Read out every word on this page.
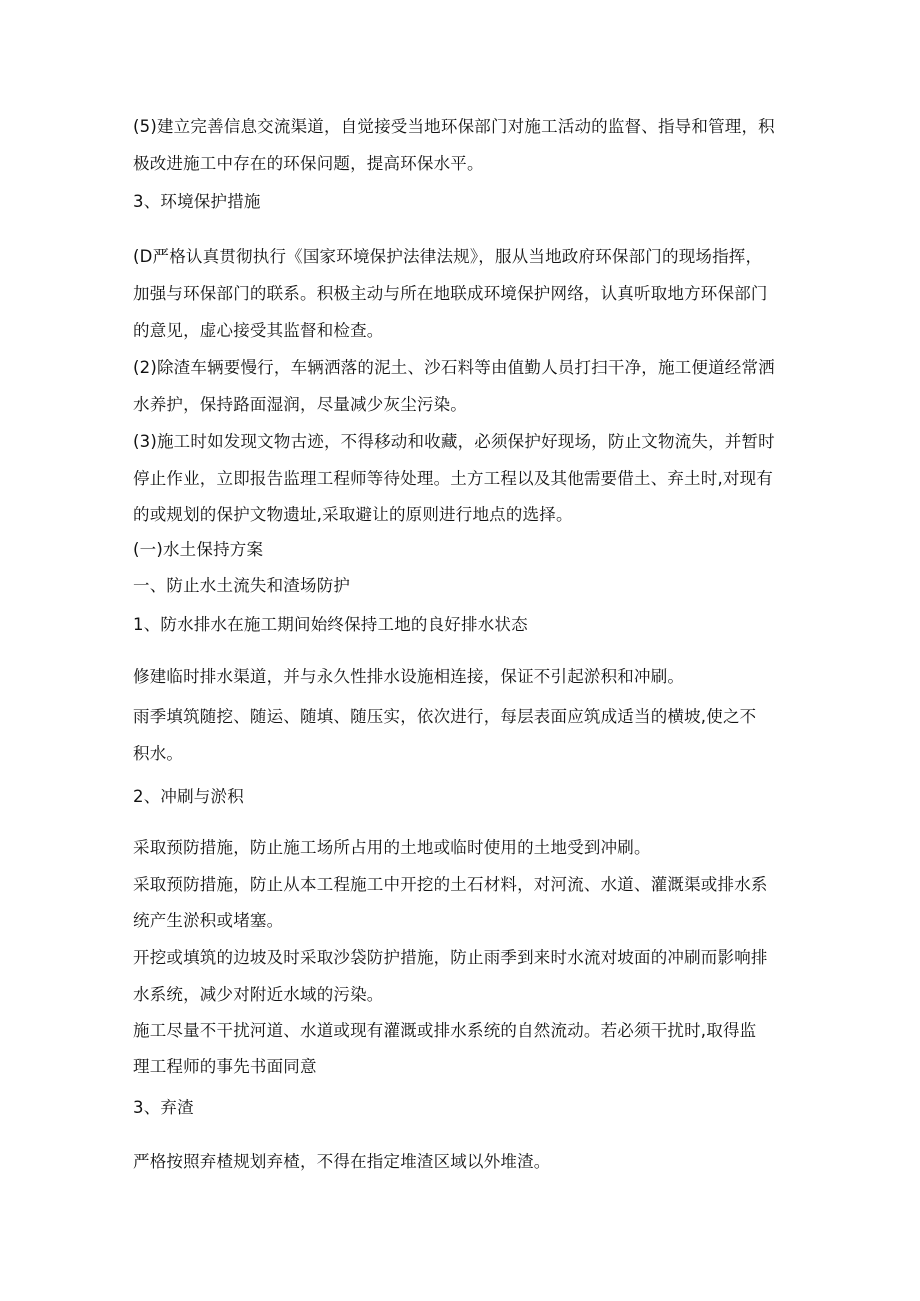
(5)建立完善信息交流渠道，自觉接受当地环保部门对施工活动的监督、指导和管理，积

极改进施工中存在的环保问题，提高环保水平。

3、环境保护措施

(D严格认真贯彻执行《国家环境保护法律法规》，服从当地政府环保部门的现场指挥，

加强与环保部门的联系。积极主动与所在地联成环境保护网络，认真听取地方环保部门

的意见，虚心接受其监督和检查。

(2)除渣车辆要慢行，车辆洒落的泥土、沙石料等由值勤人员打扫干净，施工便道经常洒

水养护，保持路面湿润，尽量减少灰尘污染。

(3)施工时如发现文物古迹，不得移动和收藏，必须保护好现场，防止文物流失，并暂时

停止作业，立即报告监理工程师等待处理。土方工程以及其他需要借土、弃土时,对现有

的或规划的保护文物遗址,采取避让的原则进行地点的选择。

(一)水土保持方案

一、防止水土流失和渣场防护

1、防水排水在施工期间始终保持工地的良好排水状态

修建临时排水渠道，并与永久性排水设施相连接，保证不引起淤积和冲刷。

雨季填筑随挖、随运、随填、随压实，依次进行，每层表面应筑成适当的横坡,使之不

积水。

2、冲刷与淤积

采取预防措施，防止施工场所占用的土地或临时使用的土地受到冲刷。

采取预防措施，防止从本工程施工中开挖的土石材料，对河流、水道、灌溉渠或排水系

统产生淤积或堵塞。

开挖或填筑的边坡及时采取沙袋防护措施，防止雨季到来时水流对坡面的冲刷而影响排

水系统，减少对附近水域的污染。

施工尽量不干扰河道、水道或现有灌溉或排水系统的自然流动。若必须干扰时,取得监

理工程师的事先书面同意

3、弃渣

严格按照弃楂规划弃楂，不得在指定堆渣区域以外堆渣。
